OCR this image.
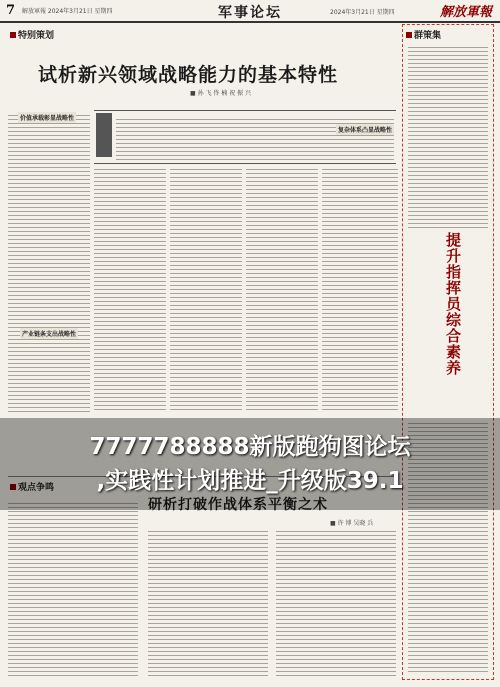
7 解放軍報 2024年3月21日 星期四	军事论坛	2024年3月21日 星期四	解放軍報
特别策划
试析新兴领域战略能力的基本特性
■ 孙 飞 佟 楠 祝 振 兴
价值承载彰显战略性
复杂体系凸显战略性
产业链条支出战略性
群策集
提升指挥员综合素养
观点争鸣
研析打破作战体系平衡之术
■ 许 博 吴晓 兵
7777788888新版跑狗图论坛
,实践性计划推进_升级版39.1
